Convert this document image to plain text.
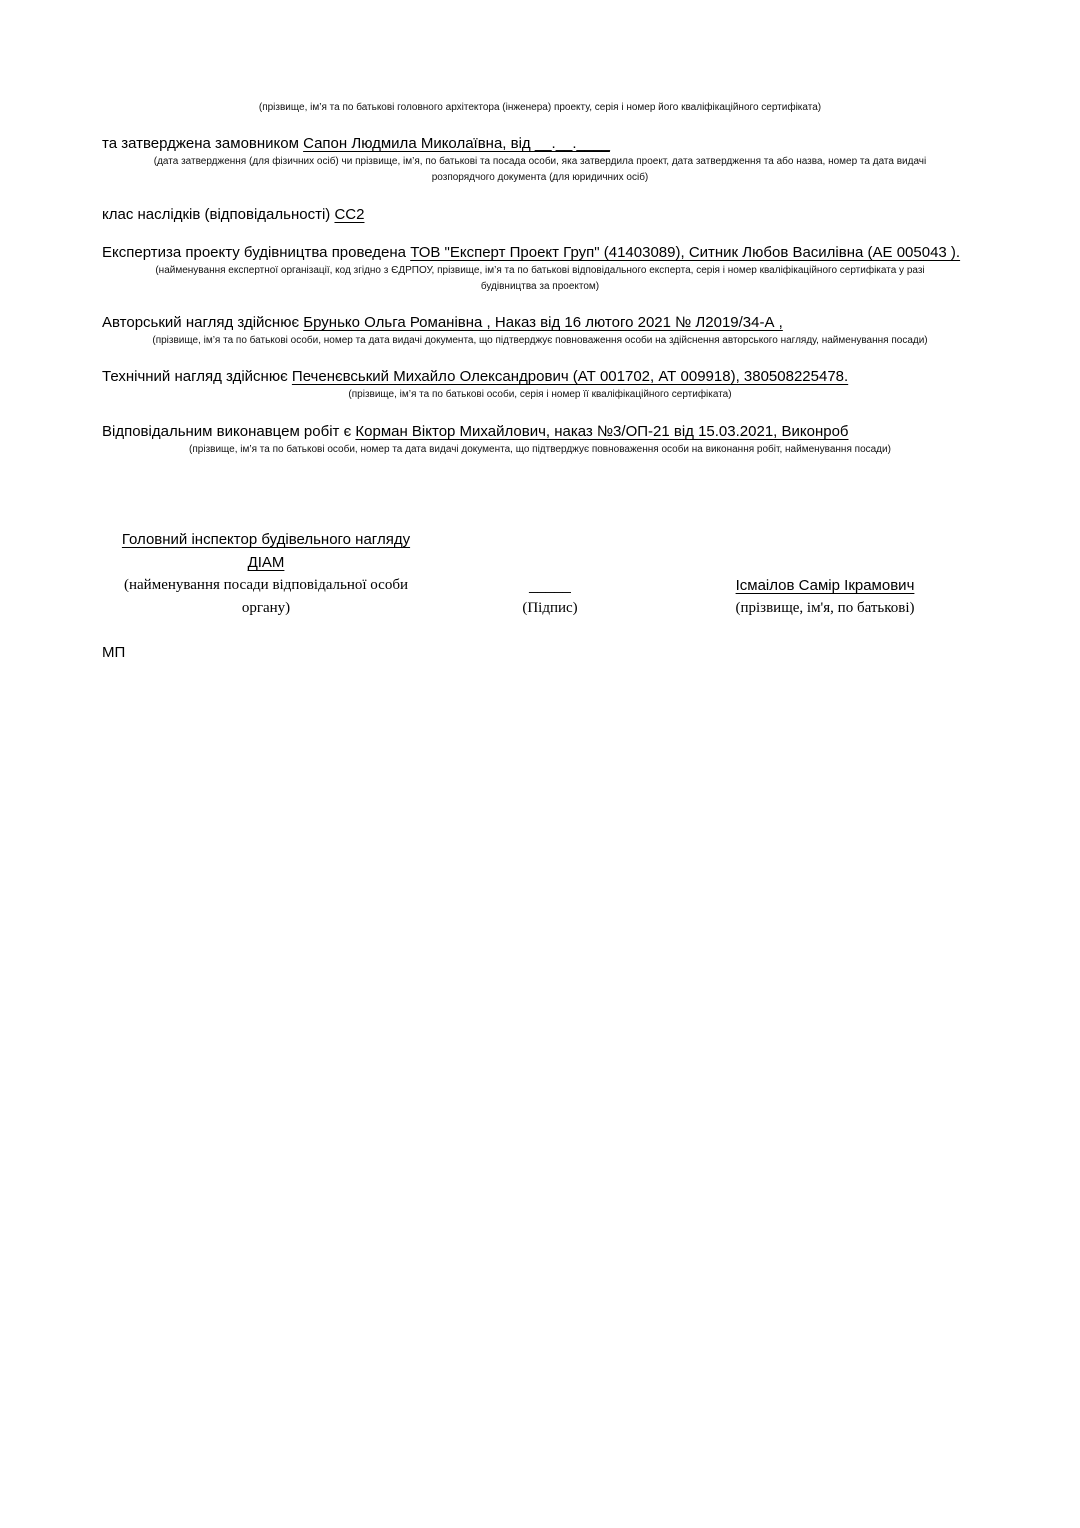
(прізвище, ім’я та по батькові головного архітектора (інженера) проекту, серія і номер його кваліфікаційного сертифіката)
та затверджена замовником Сапон Людмила Миколаївна, від __.__.____
(дата затвердження (для фізичних осіб) чи прізвище, ім’я, по батькові та посада особи, яка затвердила проект, дата затвердження та або назва, номер та дата видачі
розпорядчого документа (для юридичних осіб)
клас наслідків (відповідальності) СС2
Експертиза проекту будівництва проведена ТОВ "Експерт Проект Груп" (41403089), Ситник Любов Василівна (АЕ 005043 ).
(найменування експертної організації, код згідно з ЄДРПОУ, прізвище, ім’я та по батькові відповідального експерта, серія і номер кваліфікаційного сертифіката у разі
будівництва за проектом)
Авторський нагляд здійснює Брунько Ольга Романівна , Наказ від 16 лютого 2021 № Л2019/34-А ,
(прізвище, ім’я та по батькові особи, номер та дата видачі документа, що підтверджує повноваження особи на здійснення авторського нагляду, найменування посади)
Технічний нагляд здійснює Печенєвський Михайло Олександрович (АТ 001702, АТ 009918), 380508225478.
(прізвище, ім’я та по батькові особи, серія і номер її кваліфікаційного сертифіката)
Відповідальним виконавцем робіт є Корман Віктор Михайлович, наказ №3/ОП-21 від 15.03.2021, Виконроб
(прізвище, ім’я та по батькові особи, номер та дата видачі документа, що підтверджує повноваження особи на виконання робіт, найменування посади)
Головний інспектор будівельного нагляду
ДІАМ
(найменування посади відповідальної особи
органу)
_____
(Підпис)
Ісмаілов Самір Ікрамович
(прізвище, ім'я, по батькові)
МП
